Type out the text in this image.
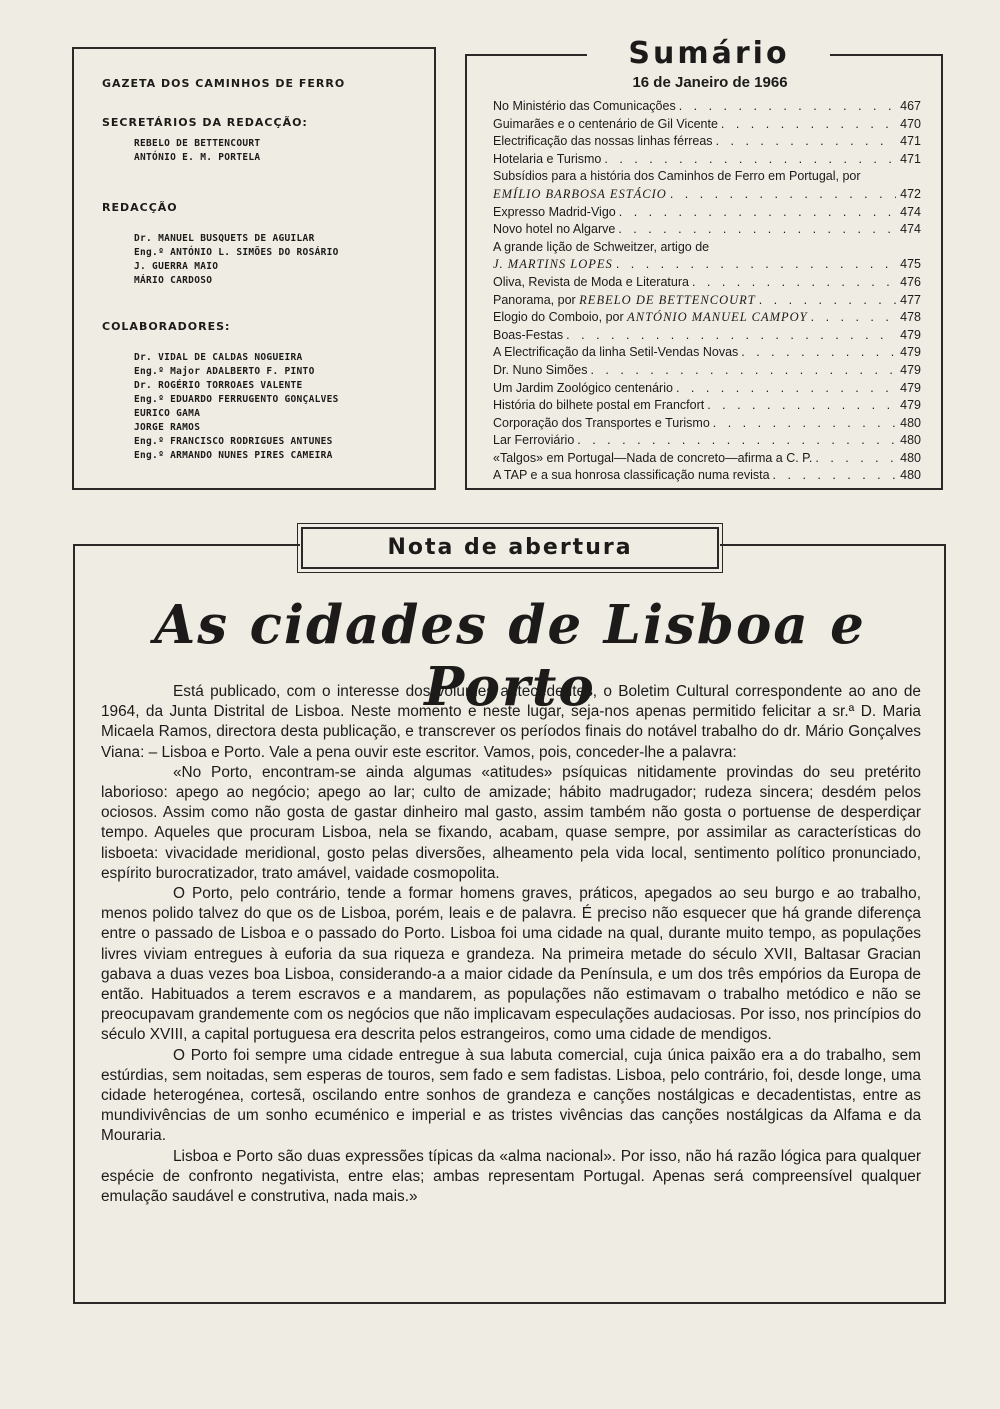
GAZETA DOS CAMINHOS DE FERRO
SECRETÁRIOS DA REDACÇÃO:
REBELO DE BETTENCOURT
ANTÓNIO E. M. PORTELA
REDACÇÃO
Dr. MANUEL BUSQUETS DE AGUILAR
Eng.º ANTÓNIO L. SIMÕES DO ROSÁRIO
J. GUERRA MAIO
MÁRIO CARDOSO
COLABORADORES:
Dr. VIDAL DE CALDAS NOGUEIRA
Eng.º Major ADALBERTO F. PINTO
Dr. ROGÉRIO TORROAES VALENTE
Eng.º EDUARDO FERRUGENTO GONÇALVES
EURICO GAMA
JORGE RAMOS
Eng.º FRANCISCO RODRIGUES ANTUNES
Eng.º ARMANDO NUNES PIRES CAMEIRA
Sumário
16 de Janeiro de 1966
No Ministério das Comunicações . . .	467
Guimarães e o centenário de Gil Vicente . . .	470
Electrificação das nossas linhas férreas . . .	471
Hotelaria e Turismo . . .	471
Subsídios para a história dos Caminhos de Ferro em Portugal, por
EMÍLIO BARBOSA ESTÁCIO . . .	472
Expresso Madrid-Vigo . . .	474
Novo hotel no Algarve . . .	474
A grande lição de Schweitzer, artigo de
J. MARTINS LOPES . . .	475
Oliva, Revista de Moda e Literatura . . .	476
Panorama, por
REBELO DE BETTENCOURT . . .	477
Elogio do Comboio, por
ANTÓNIO MANUEL CAMPOY . . .	478
Boas-Festas . . .	479
A Electrificação da linha Setil-Vendas Novas . . .	479
Dr. Nuno Simões . . .	479
Um Jardim Zoológico centenário . . .	479
História do bilhete postal em Francfort . . .	479
Corporação dos Transportes e Turismo . . .	480
Lar Ferroviário . . .	480
«Talgos» em Portugal—Nada de concreto—afirma a C. P. . . .	480
A TAP e a sua honrosa classificação numa revista . . .	480
Nota de abertura
As cidades de Lisboa e Porto

Está publicado, com o interesse dos volumes antecedentes, o Boletim Cultural correspondente ao ano de 1964, da Junta Distrital de Lisboa. Neste momento e neste lugar, seja-nos apenas permitido felicitar a sr.ª D. Maria Micaela Ramos, directora desta publicação, e transcrever os períodos finais do notável trabalho do dr. Mário Gonçalves Viana: – Lisboa e Porto. Vale a pena ouvir este escritor. Vamos, pois, conceder-lhe a palavra:

«No Porto, encontram-se ainda algumas «atitudes» psíquicas nitidamente provindas do seu pretérito laborioso: apego ao negócio; apego ao lar; culto de amizade; hábito madrugador; rudeza sincera; desdém pelos ociosos. Assim como não gosta de gastar dinheiro mal gasto, assim também não gosta o portuense de desperdiçar tempo. Aqueles que procuram Lisboa, nela se fixando, acabam, quase sempre, por assimilar as características do lisboeta: vivacidade meridional, gosto pelas diversões, alheamento pela vida local, sentimento político pronunciado, espírito burocratizador, trato amável, vaidade cosmopolita.

O Porto, pelo contrário, tende a formar homens graves, práticos, apegados ao seu burgo e ao trabalho, menos polido talvez do que os de Lisboa, porém, leais e de palavra. É preciso não esquecer que há grande diferença entre o passado de Lisboa e o passado do Porto. Lisboa foi uma cidade na qual, durante muito tempo, as populações livres viviam entregues à euforia da sua riqueza e grandeza. Na primeira metade do século XVII, Baltasar Gracian gabava a duas vezes boa Lisboa, considerando-a a maior cidade da Península, e um dos três empórios da Europa de então. Habituados a terem escravos e a mandarem, as populações não estimavam o trabalho metódico e não se preocupavam grandemente com os negócios que não implicavam especulações audaciosas. Por isso, nos princípios do século XVIII, a capital portuguesa era descrita pelos estrangeiros, como uma cidade de mendigos.

O Porto foi sempre uma cidade entregue à sua labuta comercial, cuja única paixão era a do trabalho, sem estúrdias, sem noitadas, sem esperas de touros, sem fado e sem fadistas. Lisboa, pelo contrário, foi, desde longe, uma cidade heterogénea, cortesã, oscilando entre sonhos de grandeza e canções nostálgicas e decadentistas, entre as mundivivências de um sonho ecuménico e imperial e as tristes vivências das canções nostálgicas da Alfama e da Mouraria.

Lisboa e Porto são duas expressões típicas da «alma nacional». Por isso, não há razão lógica para qualquer espécie de confronto negativista, entre elas; ambas representam Portugal. Apenas será compreensível qualquer emulação saudável e construtiva, nada mais.»
